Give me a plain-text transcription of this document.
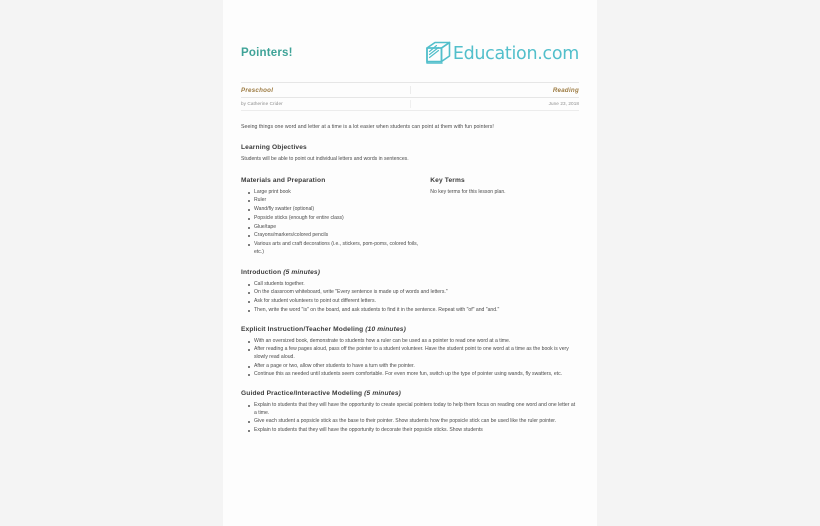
Pointers!	Education.com
Preschool	Reading
by Catherine Crider	June 23, 2018

Seeing things one word and letter at a time is a lot easier when students can point at them with fun pointers!

Learning Objectives

Students will be able to point out individual letters and words in sentences.

Materials and Preparation
Large print book
Ruler
Wand/fly swatter (optional)
Popsicle sticks (enough for entire class)
Glue/tape
Crayons/markers/colored pencils
Various arts and craft decorations (i.e., stickers, pom-poms, colored foils, etc.)
Key Terms

No key terms for this lesson plan.

Introduction (5 minutes)
Call students together.
On the classroom whiteboard, write "Every sentence is made up of words and letters."
Ask for student volunteers to point out different letters.
Then, write the word "is" on the board, and ask students to find it in the sentence. Repeat with "of" and "and."
Explicit Instruction/Teacher Modeling (10 minutes)
With an oversized book, demonstrate to students how a ruler can be used as a pointer to read one word at a time.
After reading a few pages aloud, pass off the pointer to a student volunteer. Have the student point to one word at a time as the book is very slowly read aloud.
After a page or two, allow other students to have a turn with the pointer.
Continue this as needed until students seem comfortable. For even more fun, switch up the type of pointer using wands, fly swatters, etc.
Guided Practice/Interactive Modeling (5 minutes)
Explain to students that they will have the opportunity to create special pointers today to help them focus on reading one word and one letter at a time.
Give each student a popsicle stick as the base to their pointer. Show students how the popsicle stick can be used like the ruler pointer.
Explain to students that they will have the opportunity to decorate their popsicle sticks. Show students
